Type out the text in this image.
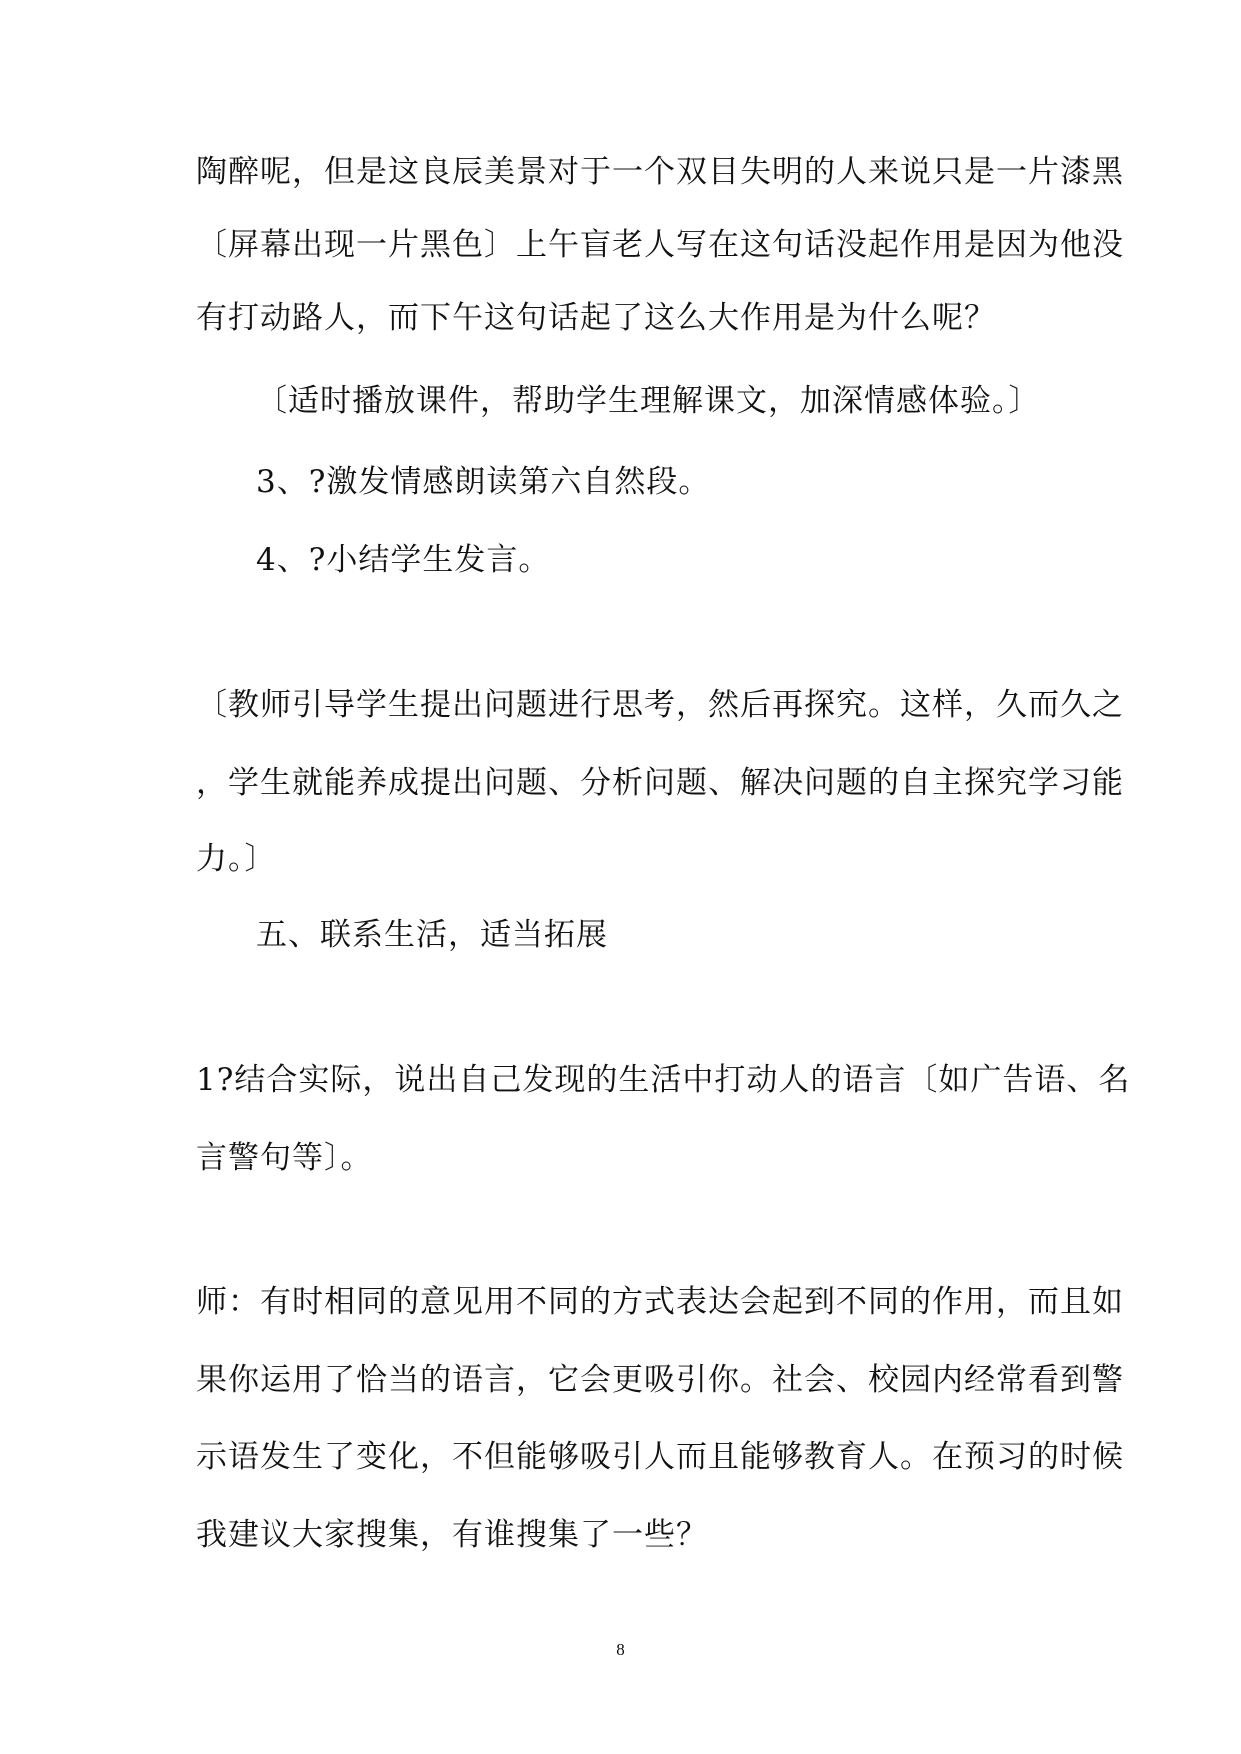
陶醉呢，但是这良辰美景对于一个双目失明的人来说只是一片漆黑
〔屏幕出现一片黑色〕上午盲老人写在这句话没起作用是因为他没
有打动路人，而下午这句话起了这么大作用是为什么呢？
〔适时播放课件，帮助学生理解课文，加深情感体验。〕
3、?激发情感朗读第六自然段。
4、?小结学生发言。
〔教师引导学生提出问题进行思考，然后再探究。这样，久而久之
，学生就能养成提出问题、分析问题、解决问题的自主探究学习能
力。〕
五、联系生活，适当拓展
1?结合实际，说出自己发现的生活中打动人的语言〔如广告语、名
言警句等〕。
师：有时相同的意见用不同的方式表达会起到不同的作用，而且如
果你运用了恰当的语言，它会更吸引你。社会、校园内经常看到警
示语发生了变化，不但能够吸引人而且能够教育人。在预习的时候
我建议大家搜集，有谁搜集了一些？
8
